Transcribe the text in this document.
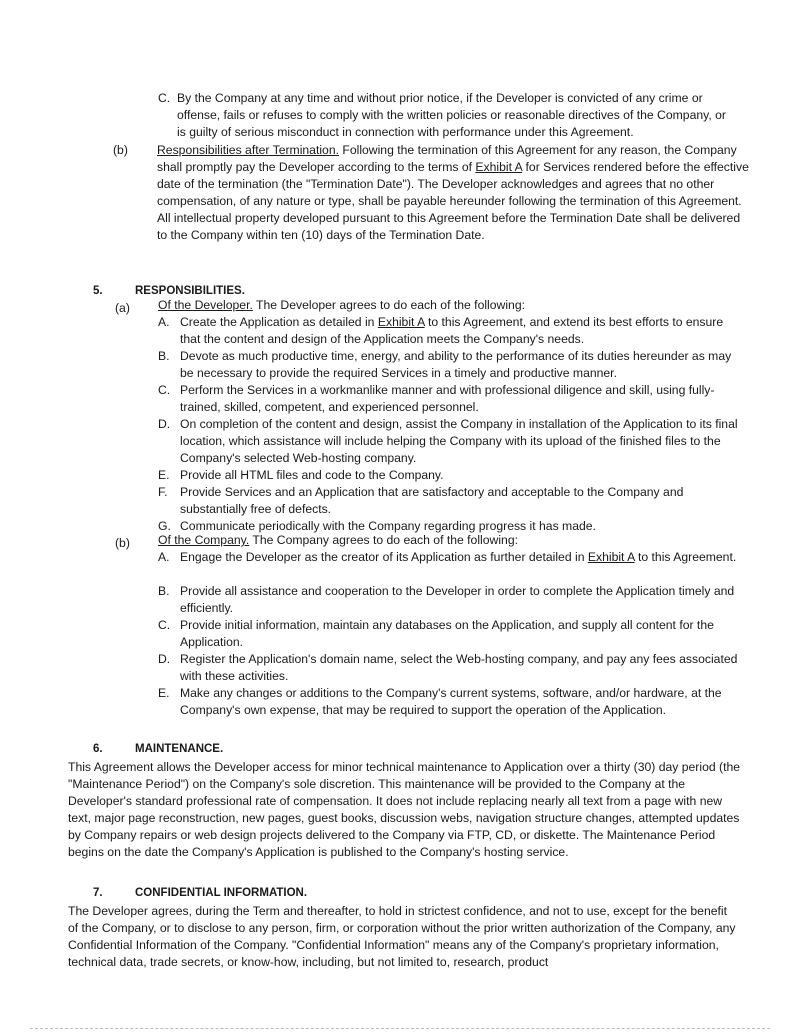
C. By the Company at any time and without prior notice, if the Developer is convicted of any crime or offense, fails or refuses to comply with the written policies or reasonable directives of the Company, or is guilty of serious misconduct in connection with performance under this Agreement.
(b) Responsibilities after Termination. Following the termination of this Agreement for any reason, the Company shall promptly pay the Developer according to the terms of Exhibit A for Services rendered before the effective date of the termination (the "Termination Date"). The Developer acknowledges and agrees that no other compensation, of any nature or type, shall be payable hereunder following the termination of this Agreement. All intellectual property developed pursuant to this Agreement before the Termination Date shall be delivered to the Company within ten (10) days of the Termination Date.
5.	RESPONSIBILITIES.
(a) Of the Developer. The Developer agrees to do each of the following:
A. Create the Application as detailed in Exhibit A to this Agreement, and extend its best efforts to ensure that the content and design of the Application meets the Company's needs.
B. Devote as much productive time, energy, and ability to the performance of its duties hereunder as may be necessary to provide the required Services in a timely and productive manner.
C. Perform the Services in a workmanlike manner and with professional diligence and skill, using fully-trained, skilled, competent, and experienced personnel.
D. On completion of the content and design, assist the Company in installation of the Application to its final location, which assistance will include helping the Company with its upload of the finished files to the Company's selected Web-hosting company.
E. Provide all HTML files and code to the Company.
F. Provide Services and an Application that are satisfactory and acceptable to the Company and substantially free of defects.
G. Communicate periodically with the Company regarding progress it has made.
(b) Of the Company. The Company agrees to do each of the following:
A. Engage the Developer as the creator of its Application as further detailed in Exhibit A to this Agreement.
B. Provide all assistance and cooperation to the Developer in order to complete the Application timely and efficiently.
C. Provide initial information, maintain any databases on the Application, and supply all content for the Application.
D. Register the Application's domain name, select the Web-hosting company, and pay any fees associated with these activities.
E. Make any changes or additions to the Company's current systems, software, and/or hardware, at the Company's own expense, that may be required to support the operation of the Application.
6.	MAINTENANCE.
This Agreement allows the Developer access for minor technical maintenance to Application over a thirty (30) day period (the "Maintenance Period") on the Company's sole discretion. This maintenance will be provided to the Company at the Developer's standard professional rate of compensation. It does not include replacing nearly all text from a page with new text, major page reconstruction, new pages, guest books, discussion webs, navigation structure changes, attempted updates by Company repairs or web design projects delivered to the Company via FTP, CD, or diskette. The Maintenance Period begins on the date the Company's Application is published to the Company's hosting service.
7.	CONFIDENTIAL INFORMATION.
The Developer agrees, during the Term and thereafter, to hold in strictest confidence, and not to use, except for the benefit of the Company, or to disclose to any person, firm, or corporation without the prior written authorization of the Company, any Confidential Information of the Company. "Confidential Information" means any of the Company's proprietary information, technical data, trade secrets, or know-how, including, but not limited to, research, product
